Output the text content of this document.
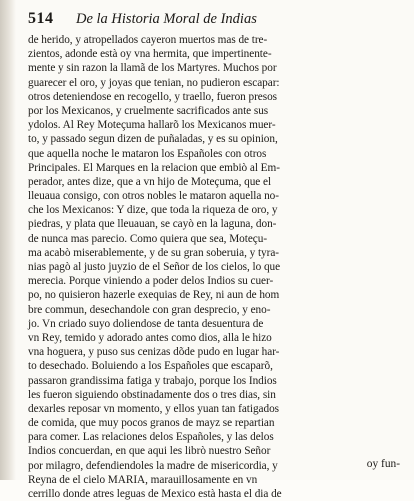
514 De la Historia Moral de Indias
de herido, y atropellados cayeron muertos mas de tre-
zientos, adonde està oy vna hermita, que impertinente-
mente y sin razon la llamã de los Martyres. Muchos por
guarecer el oro, y joyas que tenian, no pudieron escapar:
otros deteniendose en recogello, y traello, fueron presos
por los Mexicanos, y cruelmente sacrificados ante sus
ydolos. Al Rey Moteçuma hallarõ los Mexicanos muer-
to, y passado segun dizen de puñaladas, y es su opinion,
que aquella noche le mataron los Españoles con otros
Principales. El Marques en la relacion que embiò al Em-
perador, antes dize, que a vn hijo de Moteçuma, que el
lleuaua consigo, con otros nobles le mataron aquella no-
che los Mexicanos: Y dize, que toda la riqueza de oro, y
piedras, y plata que lleuauan, se cayò en la laguna, don-
de nunca mas parecio. Como quiera que sea, Moteçu-
ma acabò miserablemente, y de su gran soberuia, y tyra-
nias pagò al justo juyzio de el Señor de los cielos, lo que
merecia. Porque viniendo a poder delos Indios su cuer-
po, no quisieron hazerle exequias de Rey, ni aun de hom
bre commun, desechandole con gran desprecio, y eno-
jo. Vn criado suyo doliendose de tanta desuentura de
vn Rey, temido y adorado antes como dios, alla le hizo
vna hoguera, y puso sus cenizas dõde pudo en lugar har-
to desechado. Boluiendo a los Españoles que escaparõ,
passaron grandissima fatiga y trabajo, porque los Indios
les fueron siguiendo obstinadamente dos o tres dias, sin
dexarles reposar vn momento, y ellos yuan tan fatigados
de comida, que muy pocos granos de mayz se repartian
para comer. Las relaciones delos Españoles, y las delos
Indios concuerdan, en que aqui les librò nuestro Señor
por milagro, defendiendoles la madre de misericordia, y
Reyna de el cielo MARIA, marauillosamente en vn
cerrillo donde atres leguas de Mexico està hasta el dia de
oy fun-
